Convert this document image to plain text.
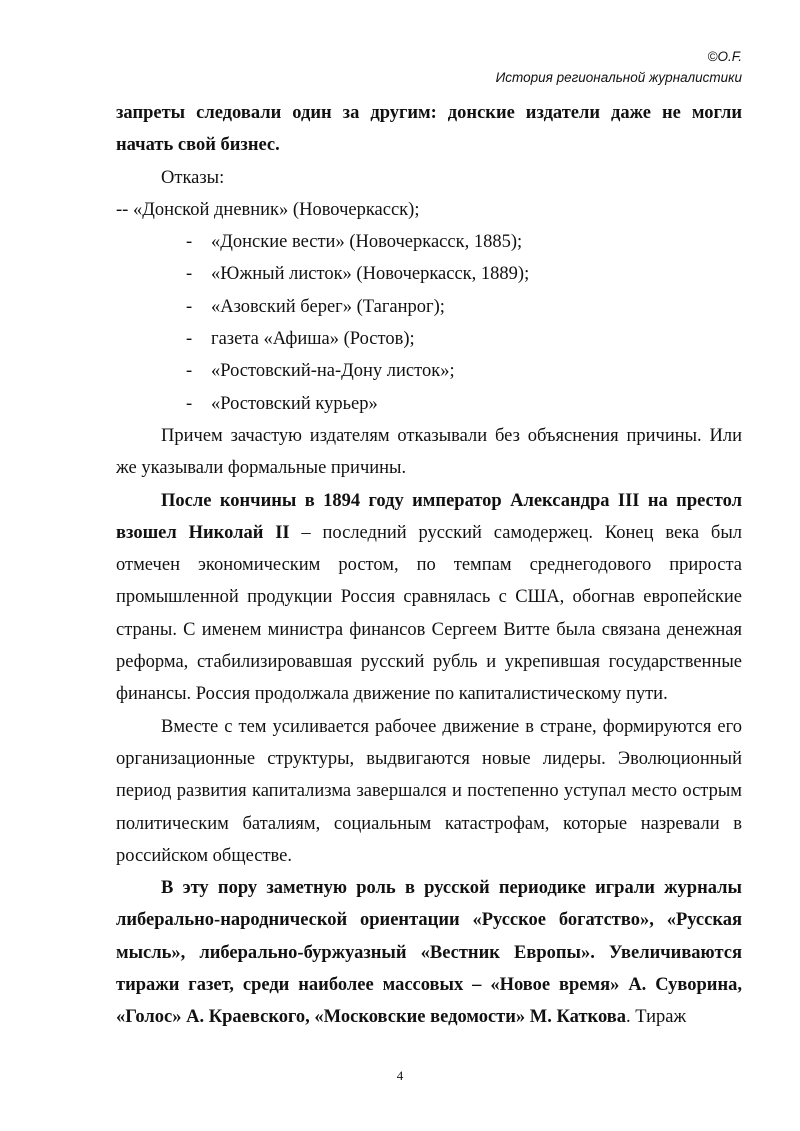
©O.F.
История региональной журналистики

запреты следовали один за другим: донские издатели даже не могли начать свой бизнес.

Отказы:

-- «Донской дневник» (Новочеркасск);

- «Донские вести» (Новочеркасск, 1885);
- «Южный листок» (Новочеркасск, 1889);
- «Азовский берег» (Таганрог);
- газета «Афиша» (Ростов);
- «Ростовский-на-Дону листок»;
- «Ростовский курьер»

Причем зачастую издателям отказывали без объяснения причины. Или же указывали формальные причины.

После кончины в 1894 году император Александра III на престол взошел Николай II – последний русский самодержец. Конец века был отмечен экономическим ростом, по темпам среднегодового прироста промышленной продукции Россия сравнялась с США, обогнав европейские страны. С именем министра финансов Сергеем Витте была связана денежная реформа, стабилизировавшая русский рубль и укрепившая государственные финансы. Россия продолжала движение по капиталистическому пути.

Вместе с тем усиливается рабочее движение в стране, формируются его организационные структуры, выдвигаются новые лидеры. Эволюционный период развития капитализма завершался и постепенно уступал место острым политическим баталиям, социальным катастрофам, которые назревали в российском обществе.

В эту пору заметную роль в русской периодике играли журналы либерально-народнической ориентации «Русское богатство», «Русская мысль», либерально-буржуазный «Вестник Европы». Увеличиваются тиражи газет, среди наиболее массовых – «Новое время» А. Суворина, «Голос» А. Краевского, «Московские ведомости» М. Каткова. Тираж

4
